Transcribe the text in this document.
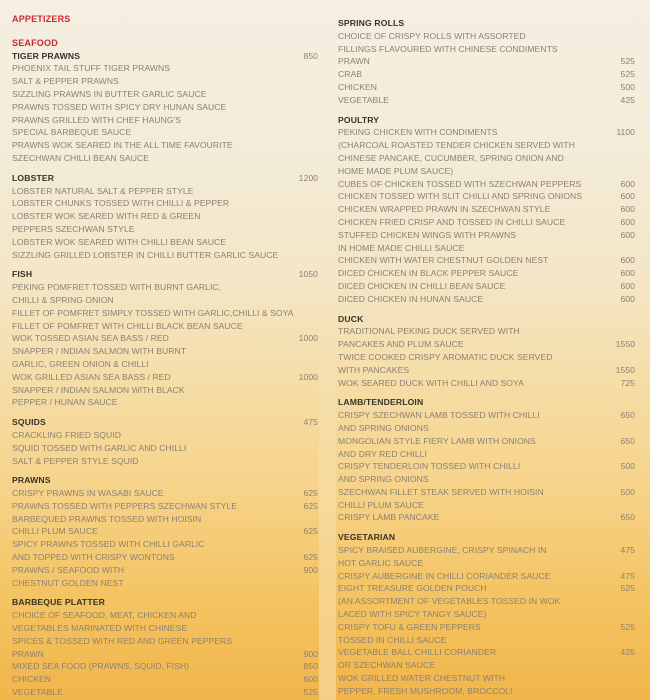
APPETIZERS
SEAFOOD
TIGER PRAWNS	850
PHOENIX TAIL STUFF TIGER PRAWNS
SALT & PEPPER PRAWNS
SIZZLING PRAWNS IN BUTTER GARLIC SAUCE
PRAWNS TOSSED WITH SPICY DRY HUNAN SAUCE
PRAWNS GRILLED WITH CHEF HAUNG'S
SPECIAL BARBEQUE SAUCE
PRAWNS WOK SEARED IN THE ALL TIME FAVOURITE
SZECHWAN CHILLI BEAN SAUCE
LOBSTER	1200
LOBSTER NATURAL SALT & PEPPER STYLE
LOBSTER CHUNKS TOSSED WITH CHILLI & PEPPER
LOBSTER WOK SEARED WITH RED & GREEN
PEPPERS SZECHWAN STYLE
LOBSTER WOK SEARED WITH CHILLI BEAN SAUCE
SIZZLING GRILLED LOBSTER IN CHILLI BUTTER GARLIC SAUCE
FISH	1050
PEKING POMFRET TOSSED WITH BURNT GARLIC,
CHILLI & SPRING ONION
FILLET OF POMFRET SIMPLY TOSSED WITH GARLIC,CHILLI & SOYA
FILLET OF POMFRET WITH CHILLI BLACK BEAN SAUCE
WOK TOSSED ASIAN SEA BASS / RED	1000
SNAPPER / INDIAN SALMON WITH BURNT
GARLIC, GREEN ONION & CHILLI
WOK GRILLED ASIAN SEA BASS / RED	1000
SNAPPER / INDIAN SALMON WITH BLACK
PEPPER / HUNAN SAUCE
SQUIDS	475
CRACKLING FRIED SQUID
SQUID TOSSED WITH GARLIC AND CHILLI
SALT & PEPPER STYLE SQUID
PRAWNS
CRISPY PRAWNS IN WASABI SAUCE	625
PRAWNS TOSSED WITH PEPPERS SZECHWAN STYLE	625
BARBEQUED PRAWNS TOSSED WITH HOISIN
CHILLI PLUM SAUCE	625
SPICY PRAWNS TOSSED WITH CHILLI GARLIC
AND TOPPED WITH CRISPY WONTONS	625
PRAWNS / SEAFOOD WITH	900
CHESTNUT GOLDEN NEST
BARBEQUE PLATTER
CHOICE OF SEAFOOD, MEAT, CHICKEN AND
VEGETABLES MARINATED WITH CHINESE
SPICES & TOSSED WITH RED AND GREEN PEPPERS
PRAWN	900
MIXED SEA FOOD (PRAWNS, SQUID, FISH)	850
CHICKEN	600
VEGETABLE	525
SPRING ROLLS
CHOICE OF CRISPY ROLLS WITH ASSORTED
FILLINGS FLAVOURED WITH CHINESE CONDIMENTS
PRAWN	525
CRAB	525
CHICKEN	500
VEGETABLE	425
POULTRY
PEKING CHICKEN WITH CONDIMENTS	1100
(CHARCOAL ROASTED TENDER CHICKEN SERVED WITH
CHINESE PANCAKE, CUCUMBER, SPRING ONION AND
HOME MADE PLUM SAUCE)
CUBES OF CHICKEN TOSSED WITH SZECHWAN PEPPERS	600
CHICKEN TOSSED WITH SLIT CHILLI AND SPRING ONIONS	600
CHICKEN WRAPPED PRAWN IN SZECHWAN STYLE	600
CHICKEN FRIED CRISP AND TOSSED IN CHILLI SAUCE	600
STUFFED CHICKEN WINGS WITH PRAWNS	600
IN HOME MADE CHILLI SAUCE
CHICKEN WITH WATER CHESTNUT GOLDEN NEST	600
DICED CHICKEN IN BLACK PEPPER SAUCE	600
DICED CHICKEN IN CHILLI BEAN SAUCE	600
DICED CHICKEN IN HUNAN SAUCE	600
DUCK
TRADITIONAL PEKING DUCK SERVED WITH
PANCAKES AND PLUM SAUCE	1550
TWICE COOKED CRISPY AROMATIC DUCK SERVED
WITH PANCAKES	1550
WOK SEARED DUCK WITH CHILLI AND SOYA	725
LAMB/TENDERLOIN
CRISPY SZECHWAN LAMB TOSSED WITH CHILLI	650
AND SPRING ONIONS
MONGOLIAN STYLE FIERY LAMB WITH ONIONS	650
AND DRY RED CHILLI
CRISPY TENDERLOIN TOSSED WITH CHILLI	500
AND SPRING ONIONS
SZECHWAN FILLET STEAK SERVED WITH HOISIN	500
CHILLI PLUM SAUCE
CRISPY LAMB PANCAKE	650
VEGETARIAN
SPICY BRAISED AUBERGINE, CRISPY SPINACH IN	475
HOT GARLIC SAUCE
CRISPY AUBERGINE IN CHILLI CORIANDER SAUCE	475
EIGHT TREASURE GOLDEN POUCH	525
(AN ASSORTMENT OF VEGETABLES TOSSED IN WOK
LACED WITH SPICY TANGY SAUCE)
CRISPY TOFU & GREEN PEPPERS	525
TOSSED IN CHILLI SAUCE
VEGETABLE BALL CHILLI CORIANDER	425
OR SZECHWAN SAUCE
WOK GRILLED WATER CHESTNUT WITH
PEPPER, FRESH MUSHROOM, BROCCOLI
